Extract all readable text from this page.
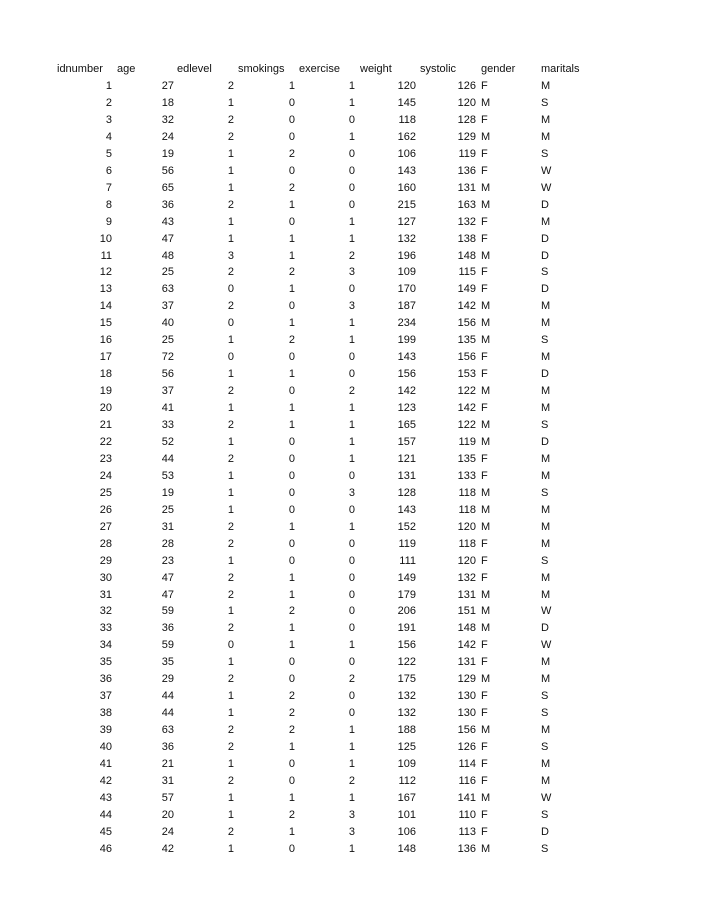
idnumber age	edlevel smokings exercise weight	systolic gender maritals
1	27	2	1	1	120	126 F	M
2	18	1	0	1	145	120 M	S
3	32	2	0	0	118	128 F	M
4	24	2	0	1	162	129 M	M
5	19	1	2	0	106	119 F	S
6	56	1	0	0	143	136 F	W
7	65	1	2	0	160	131 M	W
8	36	2	1	0	215	163 M	D
9	43	1	0	1	127	132 F	M
10	47	1	1	1	132	138 F	D
11	48	3	1	2	196	148 M	D
12	25	2	2	3	109	115 F	S
13	63	0	1	0	170	149 F	D
14	37	2	0	3	187	142 M	M
15	40	0	1	1	234	156 M	M
16	25	1	2	1	199	135 M	S
17	72	0	0	0	143	156 F	M
18	56	1	1	0	156	153 F	D
19	37	2	0	2	142	122 M	M
20	41	1	1	1	123	142 F	M
21	33	2	1	1	165	122 M	S
22	52	1	0	1	157	119 M	D
23	44	2	0	1	121	135 F	M
24	53	1	0	0	131	133 F	M
25	19	1	0	3	128	118 M	S
26	25	1	0	0	143	118 M	M
27	31	2	1	1	152	120 M	M
28	28	2	0	0	119	118 F	M
29	23	1	0	0	111	120 F	S
30	47	2	1	0	149	132 F	M
31	47	2	1	0	179	131 M	M
32	59	1	2	0	206	151 M	W
33	36	2	1	0	191	148 M	D
34	59	0	1	1	156	142 F	W
35	35	1	0	0	122	131 F	M
36	29	2	0	2	175	129 M	M
37	44	1	2	0	132	130 F	S
38	44	1	2	0	132	130 F	S
39	63	2	2	1	188	156 M	M
40	36	2	1	1	125	126 F	S
41	21	1	0	1	109	114 F	M
42	31	2	0	2	112	116 F	M
43	57	1	1	1	167	141 M	W
44	20	1	2	3	101	110 F	S
45	24	2	1	3	106	113 F	D
46	42	1	0	1	148	136 M	S
